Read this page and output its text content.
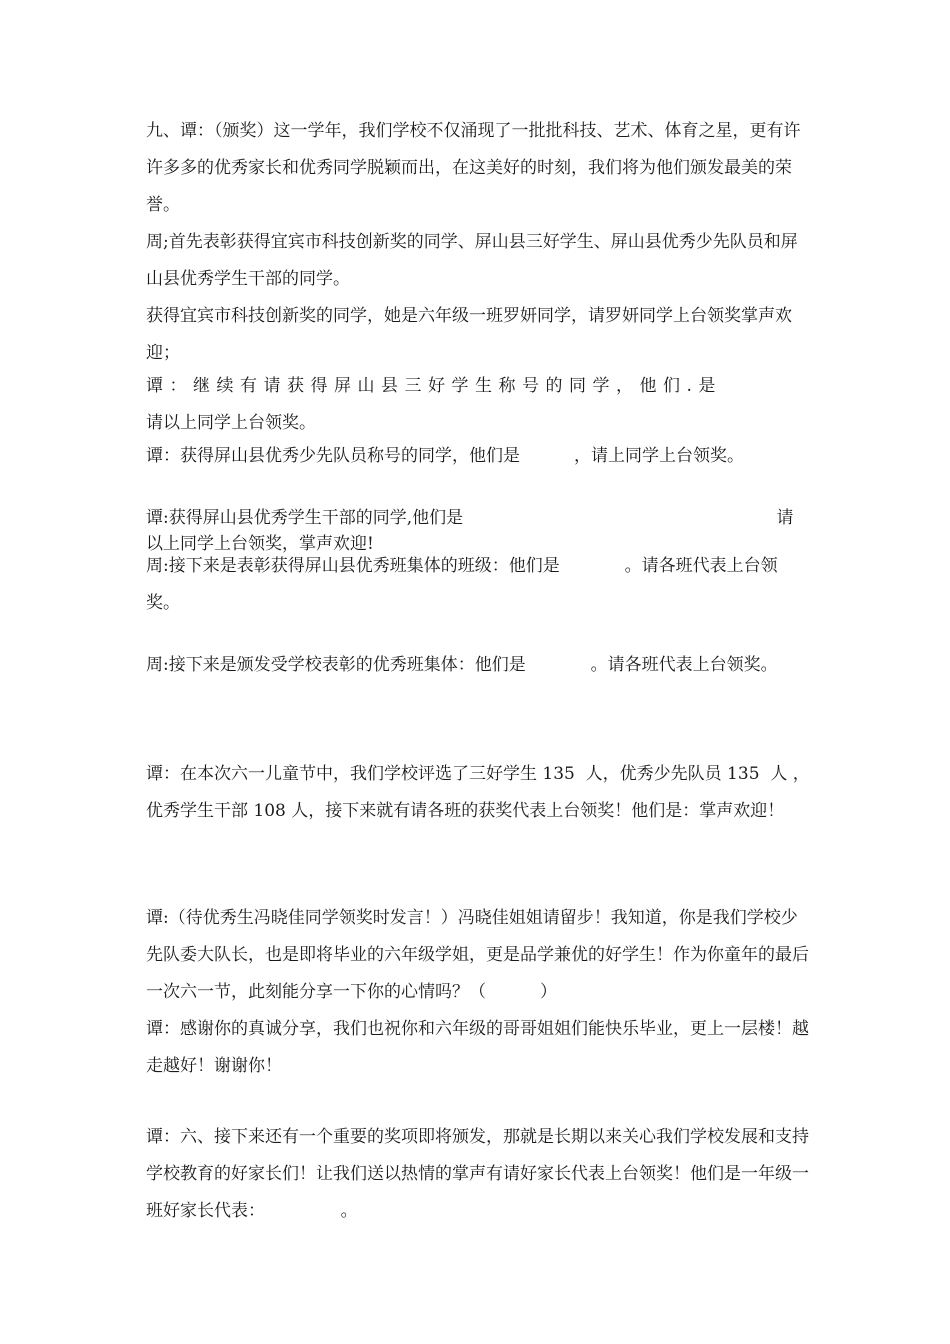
九、谭：（颁奖）这一学年，我们学校不仅涌现了一批批科技、艺术、体育之星，更有许许多多的优秀家长和优秀同学脱颖而出，在这美好的时刻，我们将为他们颁发最美的荣誉。
周;首先表彰获得宜宾市科技创新奖的同学、屏山县三好学生、屏山县优秀少先队员和屏山县优秀学生干部的同学。
获得宜宾市科技创新奖的同学，她是六年级一班罗妍同学，请罗妍同学上台领奖掌声欢迎；
谭：继续有请获得屏山县三好学生称号的同学，他们.是
请以上同学上台领奖。
谭：获得屏山县优秀少先队员称号的同学，他们是          ，请上同学上台领奖。
谭:获得屏山县优秀学生干部的同学,他们是                                                          请以上同学上台领奖，掌声欢迎!
周:接下来是表彰获得屏山县优秀班集体的班级：他们是            。请各班代表上台领奖。
周:接下来是颁发受学校表彰的优秀班集体：他们是            。请各班代表上台领奖。
谭：在本次六一儿童节中，我们学校评选了三好学生 135  人，优秀少先队员 135  人 ，优秀学生干部 108 人，接下来就有请各班的获奖代表上台领奖！他们是：掌声欢迎！
谭:（待优秀生冯晓佳同学领奖时发言！）冯晓佳姐姐请留步！我知道，你是我们学校少先队委大队长，也是即将毕业的六年级学姐，更是品学兼优的好学生！作为你童年的最后一次六一节，此刻能分享一下你的心情吗？（          ）
谭：感谢你的真诚分享，我们也祝你和六年级的哥哥姐姐们能快乐毕业，更上一层楼！越走越好！谢谢你！
谭：六、接下来还有一个重要的奖项即将颁发，那就是长期以来关心我们学校发展和支持学校教育的好家长们！让我们送以热情的掌声有请好家长代表上台领奖！他们是一年级一班好家长代表：              。
